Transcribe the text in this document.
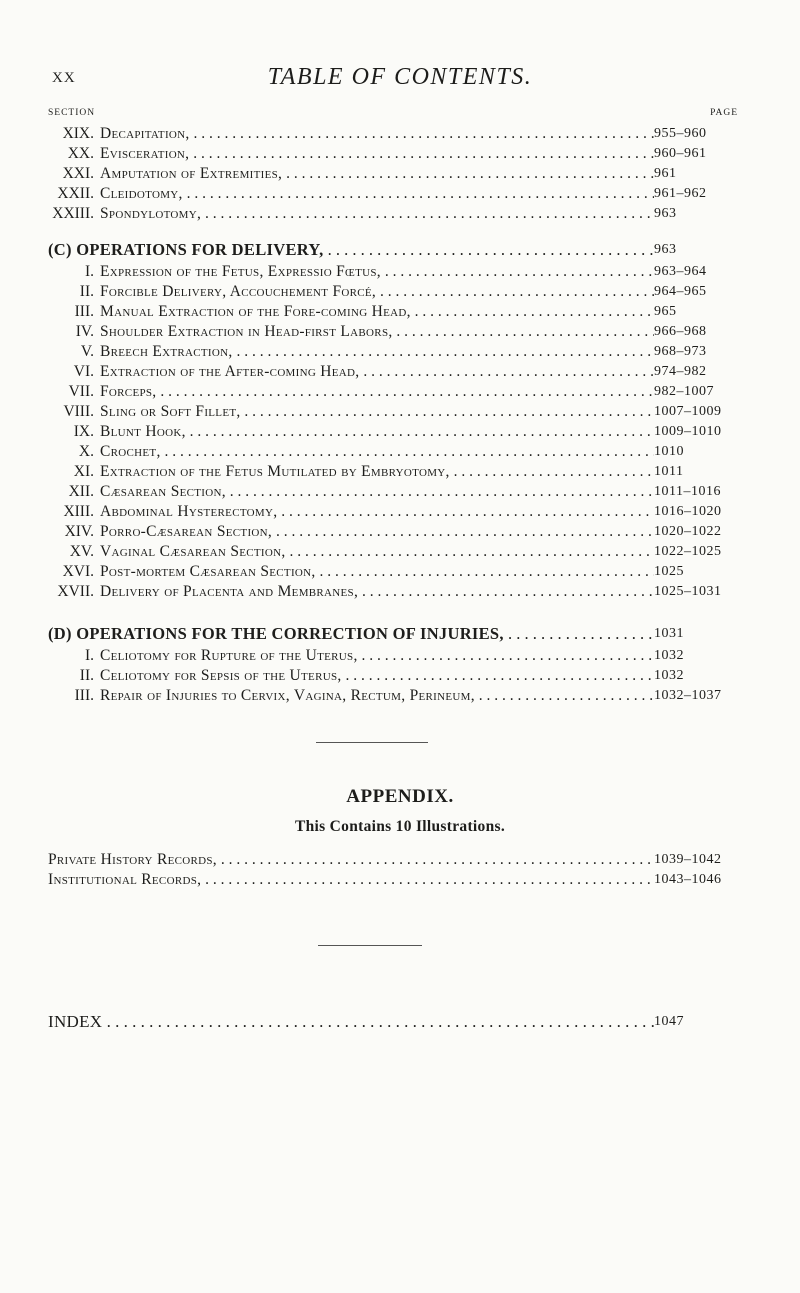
XX	TABLE OF CONTENTS.
SECTION	PAGE
XIX. Decapitation, . . .	955–960
XX. Evisceration, . . .	960–961
XXI. Amputation of Extremities, . . .	961
XXII. Cleidotomy, . . .	961–962
XXIII. Spondylotomy, . . .	963
(C) OPERATIONS FOR DELIVERY, . . .	963
I. Expression of the Fetus, Expressio Fœtus, . . .	963–964
II. Forcible Delivery, Accouchement Forcé, . . .	964–965
III. Manual Extraction of the Fore-coming Head, . . .	965
IV. Shoulder Extraction in Head-first Labors, . . .	966–968
V. Breech Extraction, . . .	968–973
VI. Extraction of the After-coming Head, . . .	974–982
VII. Forceps, . . .	982–1007
VIII. Sling or Soft Fillet, . . .	1007–1009
IX. Blunt Hook, . . .	1009–1010
X. Crochet, . . .	1010
XI. Extraction of the Fetus Mutilated by Embryotomy, . . .	1011
XII. Cæsarean Section, . . .	1011–1016
XIII. Abdominal Hysterectomy, . . .	1016–1020
XIV. Porro-Cæsarean Section, . . .	1020–1022
XV. Vaginal Cæsarean Section, . . .	1022–1025
XVI. Post-mortem Cæsarean Section, . . .	1025
XVII. Delivery of Placenta and Membranes, . . .	1025–1031
(D) OPERATIONS FOR THE CORRECTION OF INJURIES, . . .	1031
I. Celiotomy for Rupture of the Uterus, . . .	1032
II. Celiotomy for Sepsis of the Uterus, . . .	1032
III. Repair of Injuries to Cervix, Vagina, Rectum, Perineum, . . .	1032–1037
APPENDIX.
This Contains 10 Illustrations.
Private History Records, . . .	1039–1042
Institutional Records, . . .	1043–1046
INDEX . . .	1047
